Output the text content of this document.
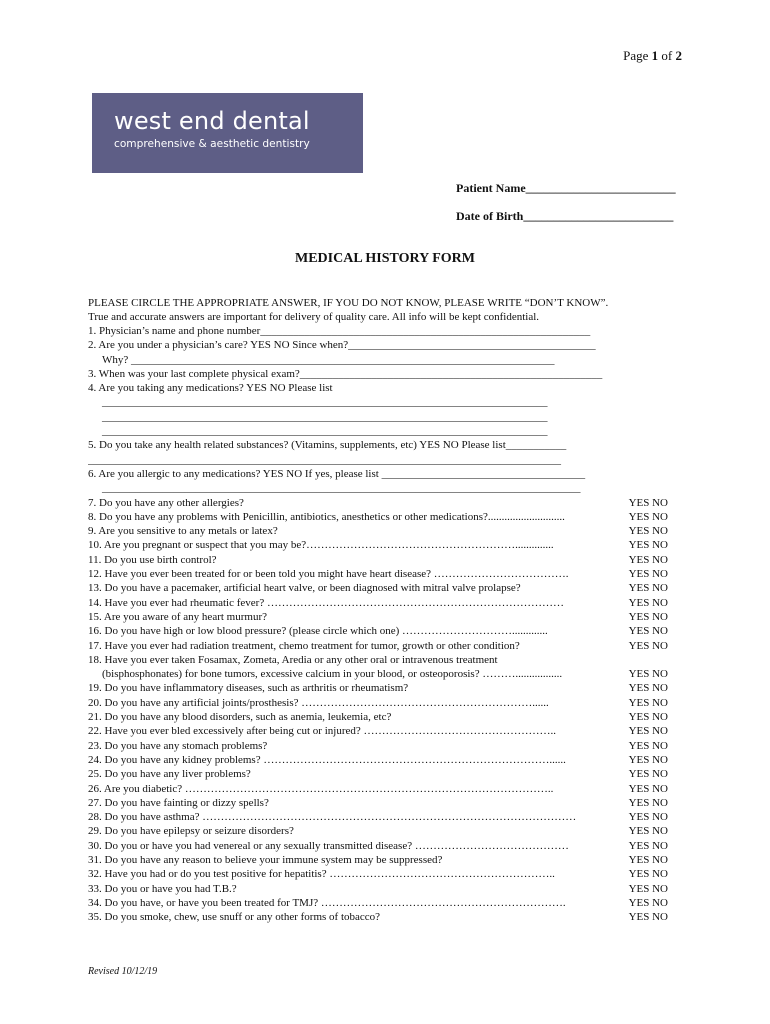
Page 1 of 2
west end dental
comprehensive & aesthetic dentistry
Patient Name_________________________
Date of Birth_________________________
MEDICAL HISTORY FORM
PLEASE CIRCLE THE APPROPRIATE ANSWER, IF YOU DO NOT KNOW, PLEASE WRITE “DON’T KNOW”.
True and accurate answers are important for delivery of quality care. All info will be kept confidential.
1. Physician’s name and phone number____________________________________________________________
2. Are you under a physician’s care? YES NO Since when?_____________________________________________
Why? _____________________________________________________________________________
3. When was your last complete physical exam?_______________________________________________________
4. Are you taking any medications? YES NO Please list
_________________________________________________________________________________
_________________________________________________________________________________
_________________________________________________________________________________
5. Do you take any health related substances? (Vitamins, supplements, etc) YES NO Please list___________
______________________________________________________________________________________
6. Are you allergic to any medications? YES NO If yes, please list _____________________________________
_______________________________________________________________________________________
7. Do you have any other allergies?	YES NO
8. Do you have any problems with Penicillin, antibiotics, anesthetics or other medications?............................	YES NO
9. Are you sensitive to any metals or latex?	YES NO
10. Are you pregnant or suspect that you may be?…………………………………………………..............	YES NO
11. Do you use birth control?	YES NO
12. Have you ever been treated for or been told you might have heart disease? ……………………………….	YES NO
13. Do you have a pacemaker, artificial heart valve, or been diagnosed with mitral valve prolapse?	YES NO
14. Have you ever had rheumatic fever? ………………………………………………………………………	YES NO
15. Are you aware of any heart murmur?	YES NO
16. Do you have high or low blood pressure? (please circle which one) ………………………….............	YES NO
17. Have you ever had radiation treatment, chemo treatment for tumor, growth or other condition?	YES NO
18. Have you ever taken Fosamax, Zometa, Aredia or any other oral or intravenous treatment
(bisphosphonates) for bone tumors, excessive calcium in your blood, or osteoporosis? ……….................	YES NO
19. Do you have inflammatory diseases, such as arthritis or rheumatism?	YES NO
20. Do you have any artificial joints/prosthesis? ………………………………………………………......	YES NO
21. Do you have any blood disorders, such as anemia, leukemia, etc?	YES NO
22. Have you ever bled excessively after being cut or injured? ……………………………………………..	YES NO
23. Do you have any stomach problems?	YES NO
24. Do you have any kidney problems? ……………………………………………………………………......	YES NO
25. Do you have any liver problems?	YES NO
26. Are you diabetic? ………………………………………………………………………………………..	YES NO
27. Do you have fainting or dizzy spells?	YES NO
28. Do you have asthma? …………………………………………………………………………………………	YES NO
29. Do you have epilepsy or seizure disorders?	YES NO
30. Do you or have you had venereal or any sexually transmitted disease? ……………………………………	YES NO
31. Do you have any reason to believe your immune system may be suppressed?	YES NO
32. Have you had or do you test positive for hepatitis? ……………………………………………………..	YES NO
33. Do you or have you had T.B.?	YES NO
34. Do you have, or have you been treated for TMJ? ………………………………………………………….	YES NO
35. Do you smoke, chew, use snuff or any other forms of tobacco?	YES NO
Revised 10/12/19
